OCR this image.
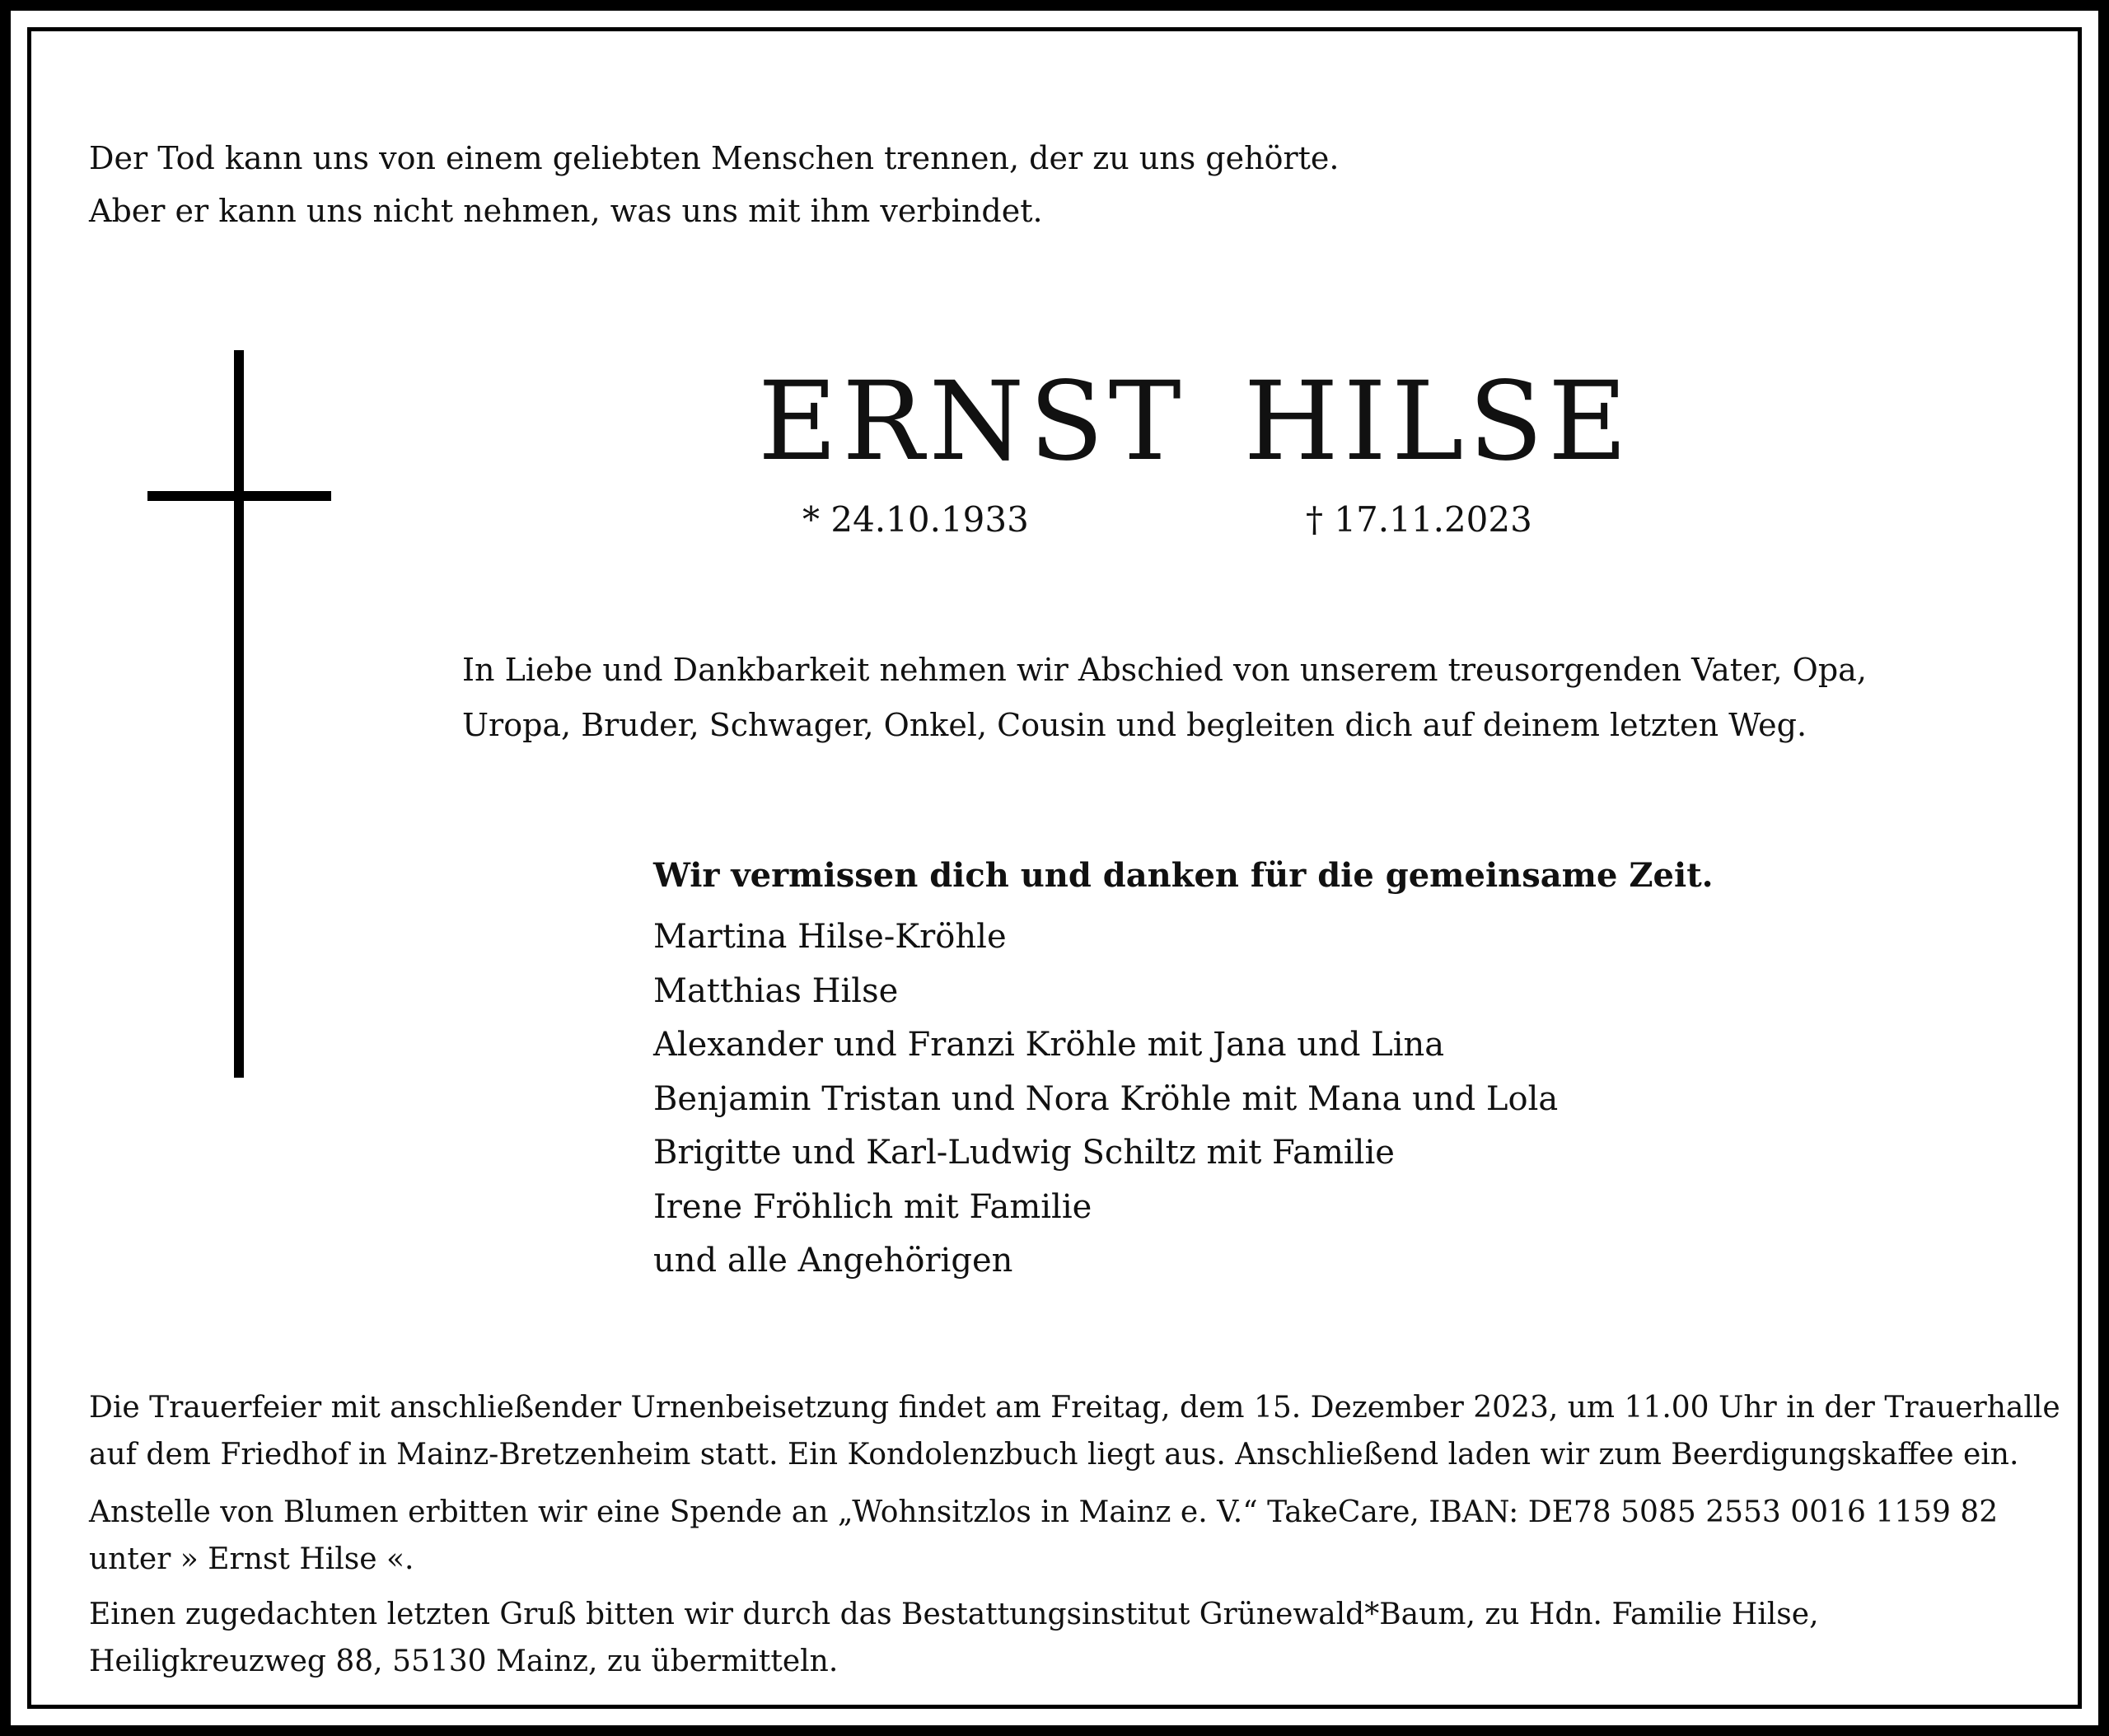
Der Tod kann uns von einem geliebten Menschen trennen, der zu uns gehörte.
Aber er kann uns nicht nehmen, was uns mit ihm verbindet.

ERNST HILSE
* 24.10.1933	† 17.11.2023

In Liebe und Dankbarkeit nehmen wir Abschied von unserem treusorgenden Vater, Opa,
Uropa, Bruder, Schwager, Onkel, Cousin und begleiten dich auf deinem letzten Weg.

Wir vermissen dich und danken für die gemeinsame Zeit.
Martina Hilse-Kröhle
Matthias Hilse
Alexander und Franzi Kröhle mit Jana und Lina
Benjamin Tristan und Nora Kröhle mit Mana und Lola
Brigitte und Karl-Ludwig Schiltz mit Familie
Irene Fröhlich mit Familie
und alle Angehörigen

Die Trauerfeier mit anschließender Urnenbeisetzung findet am Freitag, dem 15. Dezember 2023, um 11.00 Uhr in der Trauerhalle
auf dem Friedhof in Mainz-Bretzenheim statt. Ein Kondolenzbuch liegt aus. Anschließend laden wir zum Beerdigungskaffee ein.

Anstelle von Blumen erbitten wir eine Spende an „Wohnsitzlos in Mainz e. V.“ TakeCare, IBAN: DE78 5085 2553 0016 1159 82
unter » Ernst Hilse «.

Einen zugedachten letzten Gruß bitten wir durch das Bestattungsinstitut Grünewald*Baum, zu Hdn. Familie Hilse,
Heiligkreuzweg 88, 55130 Mainz, zu übermitteln.
